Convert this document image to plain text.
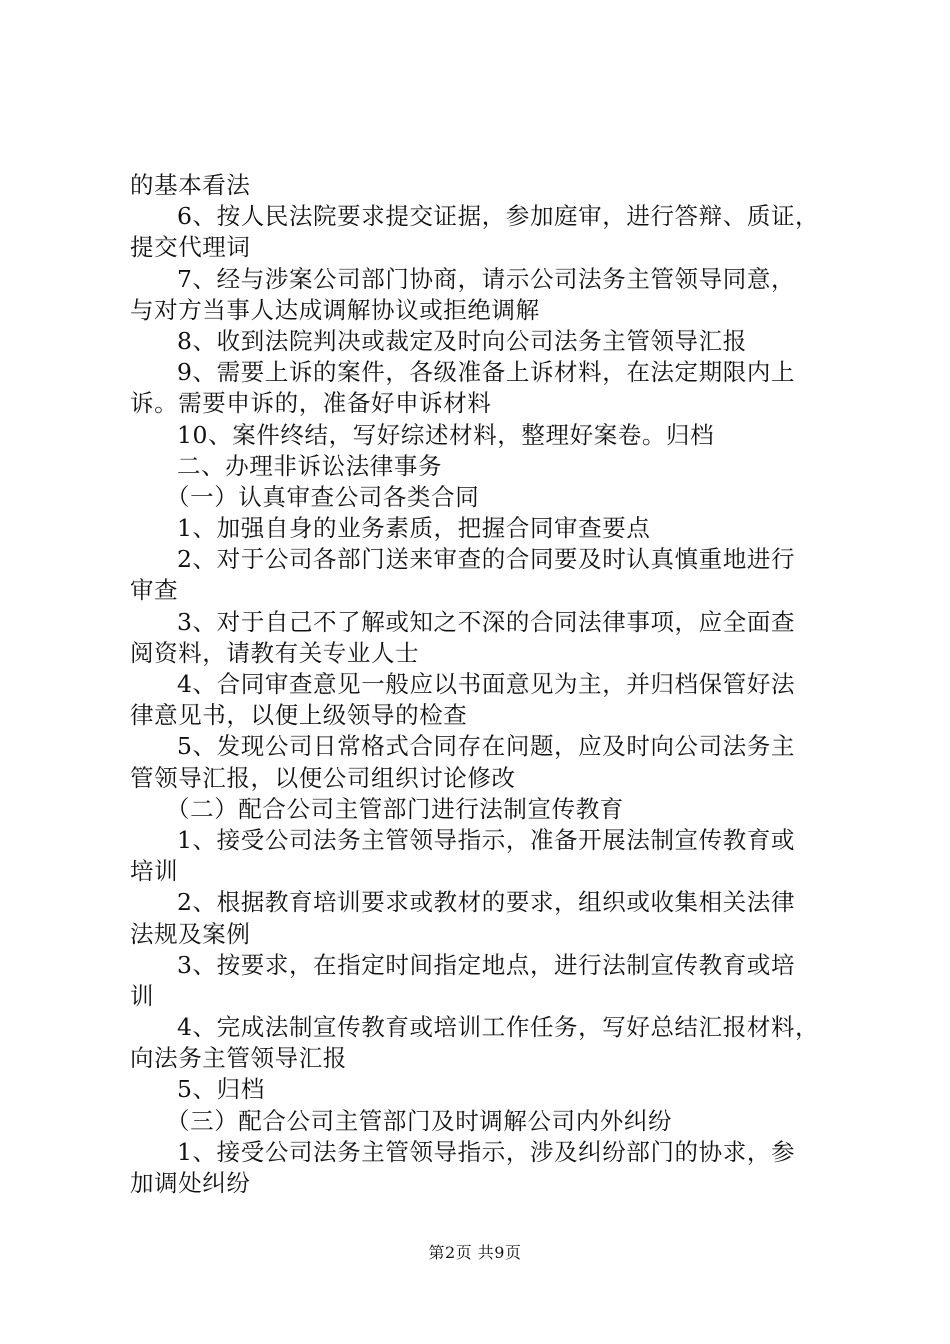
的基本看法
6、按人民法院要求提交证据，参加庭审，进行答辩、质证，
提交代理词
7、经与涉案公司部门协商，请示公司法务主管领导同意，
与对方当事人达成调解协议或拒绝调解
8、收到法院判决或裁定及时向公司法务主管领导汇报
9、需要上诉的案件，各级准备上诉材料，在法定期限内上
诉。需要申诉的，准备好申诉材料
10、案件终结，写好综述材料，整理好案卷。归档
二、办理非诉讼法律事务
（一）认真审查公司各类合同
1、加强自身的业务素质，把握合同审查要点
2、对于公司各部门送来审查的合同要及时认真慎重地进行
审查
3、对于自己不了解或知之不深的合同法律事项，应全面查
阅资料，请教有关专业人士
4、合同审查意见一般应以书面意见为主，并归档保管好法
律意见书，以便上级领导的检查
5、发现公司日常格式合同存在问题，应及时向公司法务主
管领导汇报，以便公司组织讨论修改
（二）配合公司主管部门进行法制宣传教育
1、接受公司法务主管领导指示，准备开展法制宣传教育或
培训
2、根据教育培训要求或教材的要求，组织或收集相关法律
法规及案例
3、按要求，在指定时间指定地点，进行法制宣传教育或培
训
4、完成法制宣传教育或培训工作任务，写好总结汇报材料，
向法务主管领导汇报
5、归档
（三）配合公司主管部门及时调解公司内外纠纷
1、接受公司法务主管领导指示，涉及纠纷部门的协求，参
加调处纠纷
第2页 共9页
